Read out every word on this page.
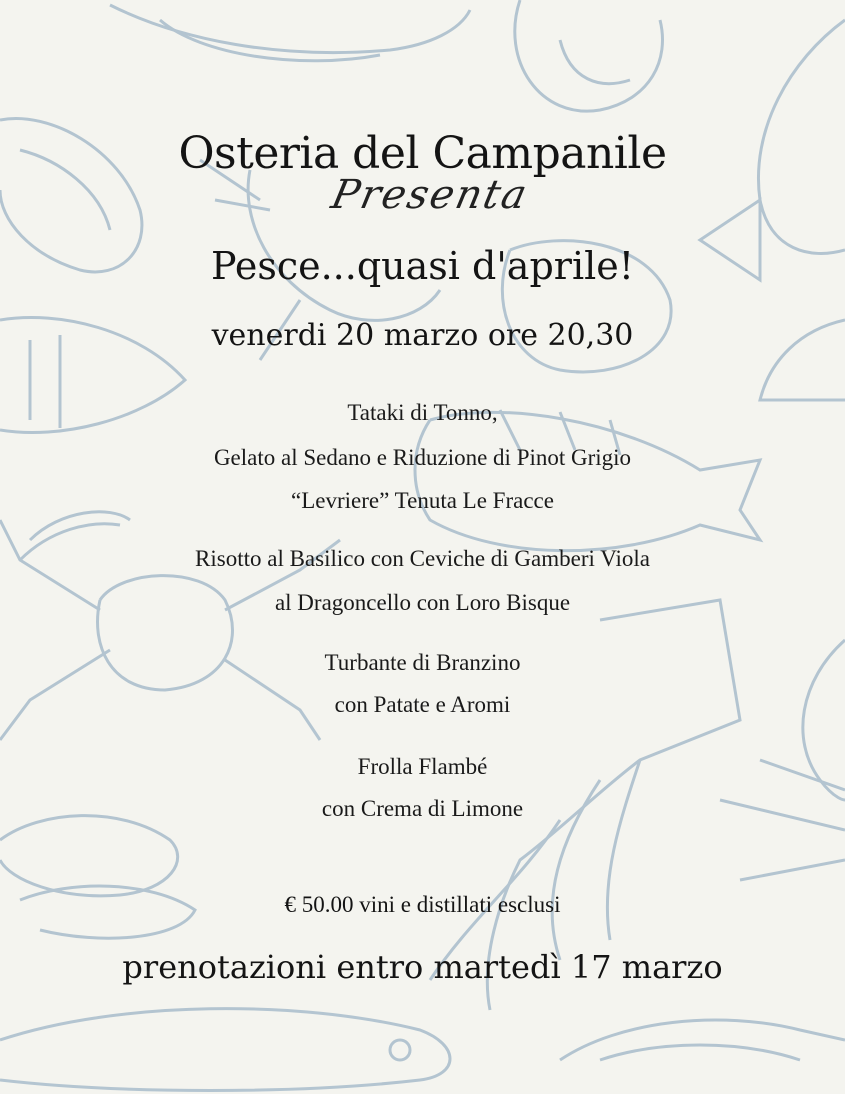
Osteria del Campanile
Presenta
Pesce...quasi d'aprile!
venerdi 20 marzo ore 20,30
Tataki di Tonno,
Gelato al Sedano e Riduzione di Pinot Grigio
“Levriere” Tenuta Le Fracce
Risotto al Basilico con Ceviche di Gamberi Viola
al Dragoncello con Loro Bisque
Turbante di Branzino
con Patate e Aromi
Frolla Flambé
con Crema di Limone
€ 50.00 vini e distillati esclusi
prenotazioni entro martedì 17 marzo
